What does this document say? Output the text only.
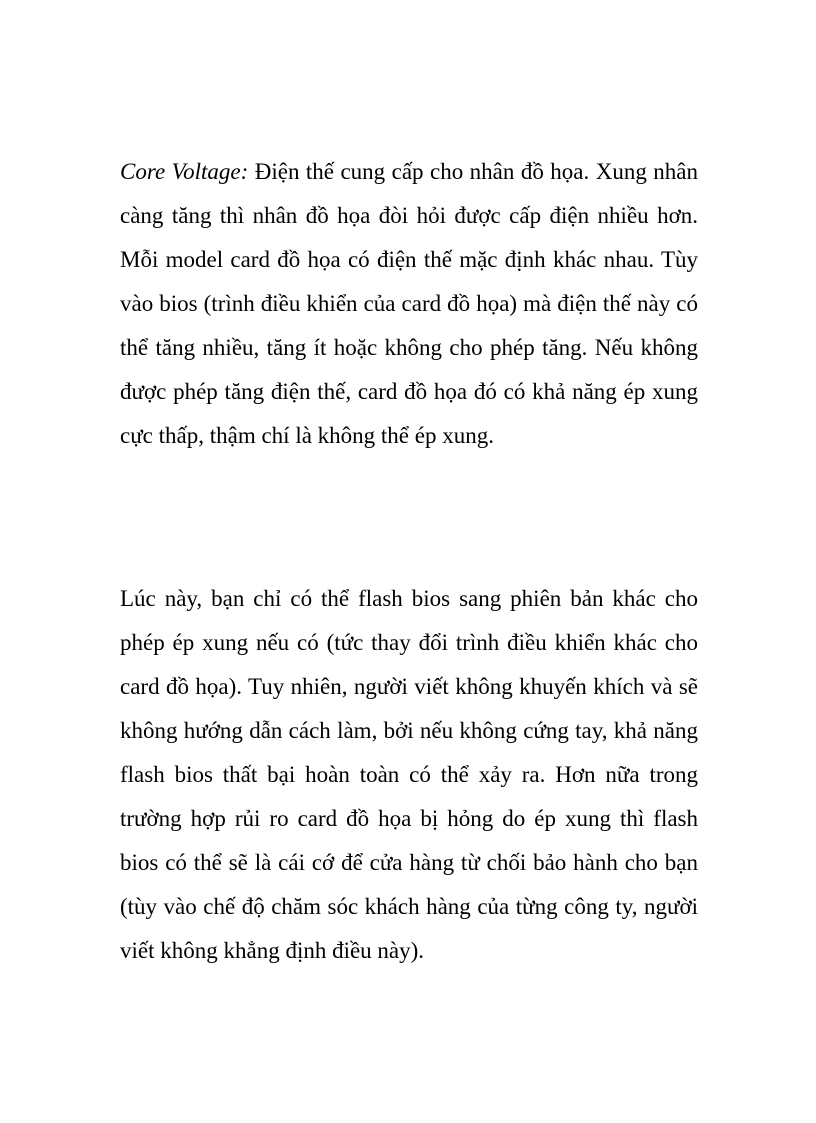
Core Voltage: Điện thế cung cấp cho nhân đồ họa. Xung nhân càng tăng thì nhân đồ họa đòi hỏi được cấp điện nhiều hơn. Mỗi model card đồ họa có điện thế mặc định khác nhau. Tùy vào bios (trình điều khiển của card đồ họa) mà điện thế này có thể tăng nhiều, tăng ít hoặc không cho phép tăng. Nếu không được phép tăng điện thế, card đồ họa đó có khả năng ép xung cực thấp, thậm chí là không thể ép xung.

Lúc này, bạn chỉ có thể flash bios sang phiên bản khác cho phép ép xung nếu có (tức thay đổi trình điều khiển khác cho card đồ họa). Tuy nhiên, người viết không khuyến khích và sẽ không hướng dẫn cách làm, bởi nếu không cứng tay, khả năng flash bios thất bại hoàn toàn có thể xảy ra. Hơn nữa trong trường hợp rủi ro card đồ họa bị hỏng do ép xung thì flash bios có thể sẽ là cái cớ để cửa hàng từ chối bảo hành cho bạn (tùy vào chế độ chăm sóc khách hàng của từng công ty, người viết không khẳng định điều này).
